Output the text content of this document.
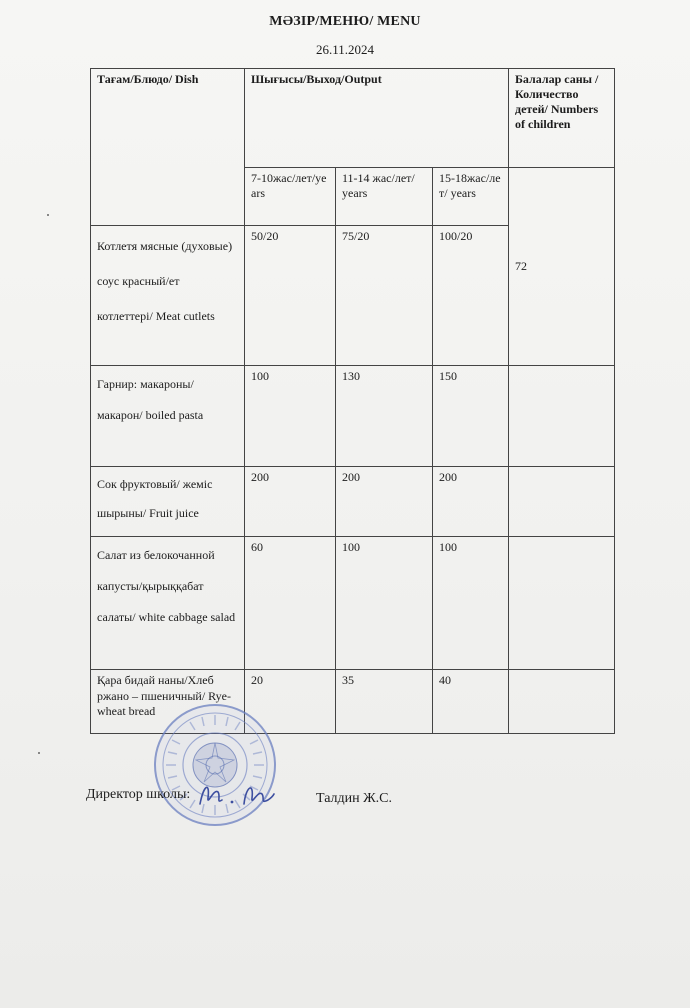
МӘЗІР/МЕНЮ/ MENU
26.11.2024
Тағам/Блюдо/ Dish	Шығысы/Выход/Output			Балалар саны /Количество детей/ Numbers of children
	7-10жас/лет/years	11-14 жас/лет/ years	15-18жас/лет/ years	72
Котлетя мясные (духовые) соус красный/ет котлеттері/ Meat cutlets	50/20	75/20	100/20	
Гарнир: макароны/макарон/ boiled pasta	100	130	150	
Сок фруктовый/ жеміс шырыны/ Fruit juice	200	200	200	
Салат из белокочанной капусты/қырыққабат салаты/ white cabbage salad	60	100	100	
Қара бидай наны/Хлеб ржано – пшеничный/ Rye-wheat bread	20	35	40	
Директор школы:	Талдин Ж.С.
